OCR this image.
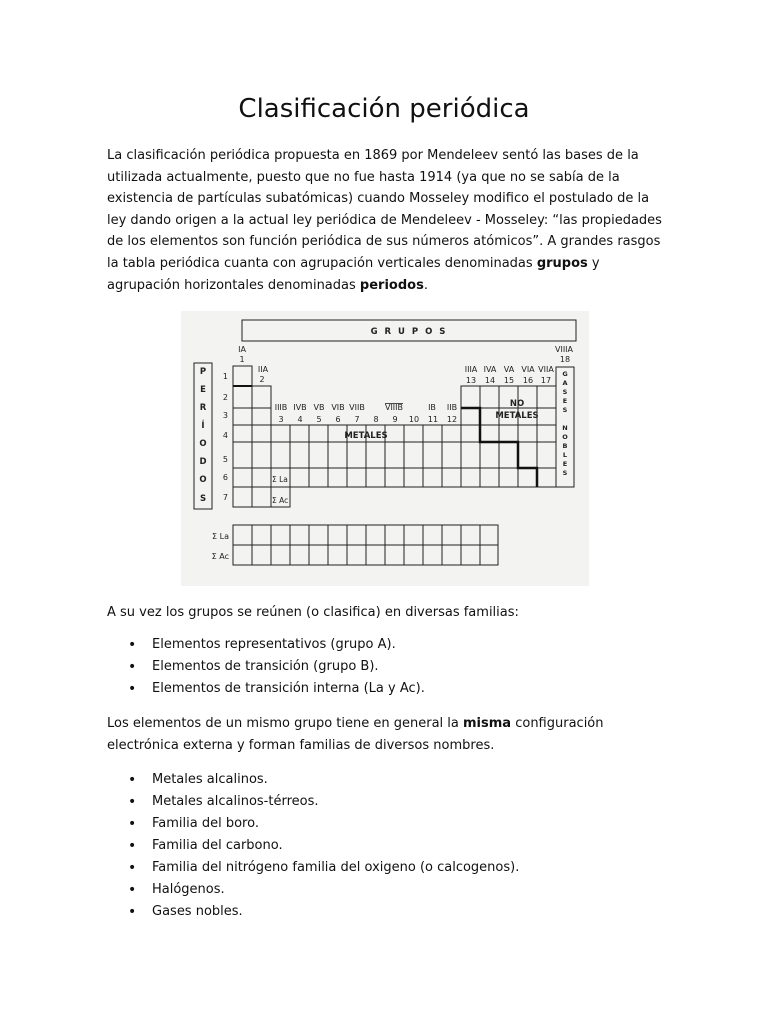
Clasificación periódica

La clasificación periódica propuesta en 1869 por Mendeleev sentó las bases de la utilizada actualmente, puesto que no fue hasta 1914 (ya que no se sabía de la existencia de partículas subatómicas) cuando Mosseley modifico el postulado de la ley dando origen a la actual ley periódica de Mendeleev - Mosseley: “las propiedades de los elementos son función periódica de sus números atómicos”. A grandes rasgos la tabla periódica cuanta con agrupación verticales denominadas grupos y agrupación horizontales denominadas periodos.

G R U P O S
IA
1
IIA
2
VIIIA
18
IIIB IVB VB VIB VIIB	VIIIB	IB IIB
3 4 5 6 7 8 9 10 11 12
IIIA IVA VA VIA VIIA
13 14 15 16 17
1
2
3
4
5
6
7
Σ La
Σ Ac
Σ La
Σ Ac
METALES
NO
METALES
P
E
R
Í
O
D
O
S
G
A
S
E
S
N
O
B
L
E
S

A su vez los grupos se reúnen (o clasifica) en diversas familias:

• Elementos representativos (grupo A).
• Elementos de transición (grupo B).
• Elementos de transición interna (La y Ac).

Los elementos de un mismo grupo tiene en general la misma configuración electrónica externa y forman familias de diversos nombres.

• Metales alcalinos.
• Metales alcalinos-térreos.
• Familia del boro.
• Familia del carbono.
• Familia del nitrógeno familia del oxigeno (o calcogenos).
• Halógenos.
• Gases nobles.
